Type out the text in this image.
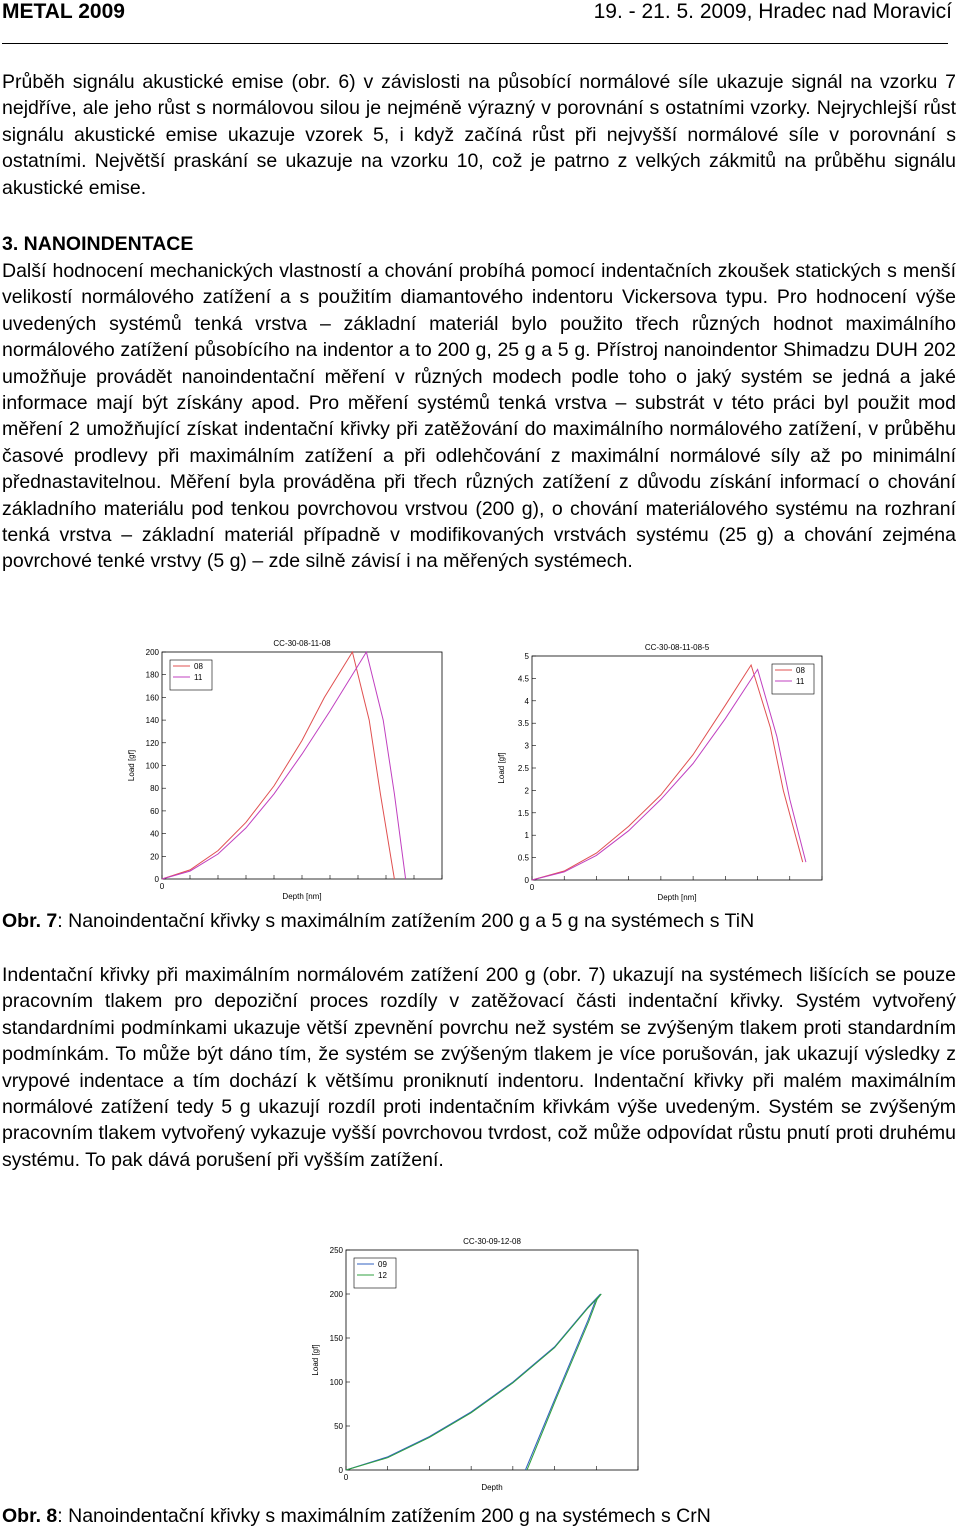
METAL 2009	19. - 21. 5. 2009, Hradec nad Moravicí

Průběh signálu akustické emise (obr. 6) v závislosti na působící normálové síle ukazuje signál na vzorku 7 nejdříve, ale jeho růst s normálovou silou je nejméně výrazný v porovnání s ostatními vzorky. Nejrychlejší růst signálu akustické emise ukazuje vzorek 5, i když začíná růst při nejvyšší normálové síle v porovnání s ostatními. Největší praskání se ukazuje na vzorku 10, což je patrno z velkých zákmitů na průběhu signálu akustické emise.

3. NANOINDENTACE

Další hodnocení mechanických vlastností a chování probíhá pomocí indentačních zkoušek statických s menší velikostí normálového zatížení a s použitím diamantového indentoru Vickersova typu. Pro hodnocení výše uvedených systémů tenká vrstva – základní materiál bylo použito třech různých hodnot maximálního normálového zatížení působícího na indentor a to 200 g, 25 g a 5 g. Přístroj nanoindentor Shimadzu DUH 202 umožňuje provádět nanoindentační měření v různých modech podle toho o jaký systém se jedná a jaké informace mají být získány apod. Pro měření systémů tenká vrstva – substrát v této práci byl použit mod měření 2 umožňující získat indentační křivky při zatěžování do maximálního normálového zatížení, v průběhu časové prodlevy při maximálním zatížení a při odlehčování z maximální normálové síly až po minimální přednastavitelnou. Měření byla prováděna při třech různých zatížení z důvodu získání informací o chování základního materiálu pod tenkou povrchovou vrstvou (200 g), o chování materiálového systému na rozhraní tenká vrstva – základní materiál případně v modifikovaných vrstvách systému (25 g) a chování zejména povrchové tenké vrstvy (5 g) – zde silně závisí i na měřených systémech.

CC-30-08-11-08
0
20
40
60
80
100
120
140
160
180
200
0
Depth [nm]
Load [gf]
08
11
CC-30-08-11-08-5
0
0.5
1
1.5
2
2.5
3
3.5
4
4.5
5
0
Depth [nm]
Load [gf]
08
11
Obr. 7: Nanoindentační křivky s maximálním zatížením 200 g a 5 g na systémech s TiN

Indentační křivky při maximálním normálovém zatížení 200 g (obr. 7) ukazují na systémech lišících se pouze pracovním tlakem pro depoziční proces rozdíly v zatěžovací části indentační křivky. Systém vytvořený standardními podmínkami ukazuje větší zpevnění povrchu než systém se zvýšeným tlakem proti standardním podmínkám. To může být dáno tím, že systém se zvýšeným tlakem je více porušován, jak ukazují výsledky z vrypové indentace a tím dochází k většímu proniknutí indentoru. Indentační křivky při malém maximálním normálové zatížení tedy 5 g ukazují rozdíl proti indentačním křivkám výše uvedeným. Systém se zvýšeným pracovním tlakem vytvořený vykazuje vyšší povrchovou tvrdost, což může odpovídat růstu pnutí proti druhému systému. To pak dává porušení při vyšším zatížení.

CC-30-09-12-08
0
50
100
150
200
250
0
Depth
Load [gf]
09
12
Obr. 8: Nanoindentační křivky s maximálním zatížením 200 g na systémech s CrN
